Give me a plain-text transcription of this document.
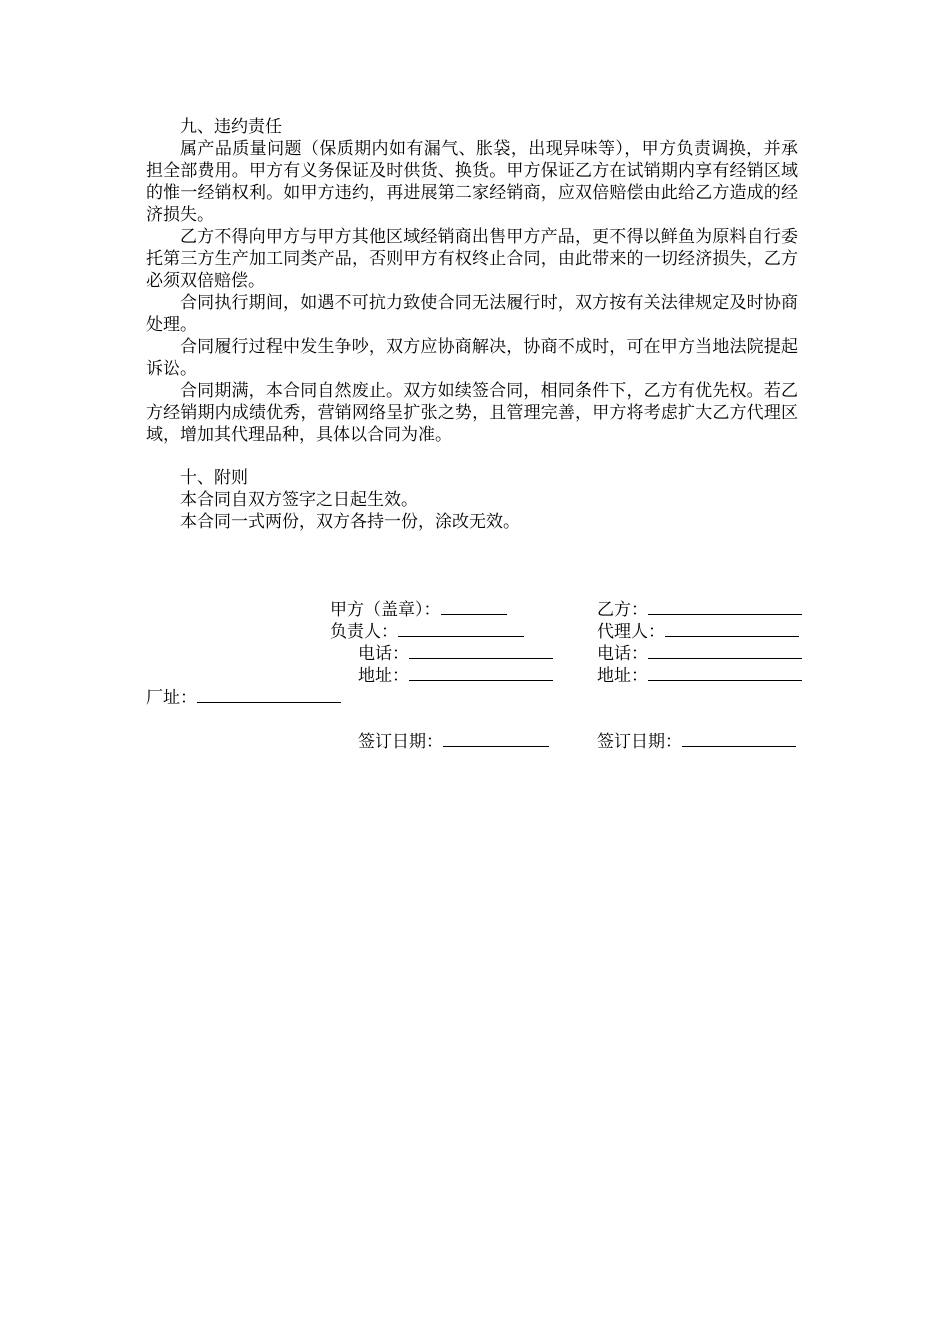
九、违约责任

属产品质量问题（保质期内如有漏气、胀袋，出现异味等），甲方负责调换，并承担全部费用。甲方有义务保证及时供货、换货。甲方保证乙方在试销期内享有经销区域的惟一经销权利。如甲方违约，再进展第二家经销商，应双倍赔偿由此给乙方造成的经济损失。

乙方不得向甲方与甲方其他区域经销商出售甲方产品，更不得以鲜鱼为原料自行委托第三方生产加工同类产品，否则甲方有权终止合同，由此带来的一切经济损失，乙方必须双倍赔偿。

合同执行期间，如遇不可抗力致使合同无法履行时，双方按有关法律规定及时协商处理。

合同履行过程中发生争吵，双方应协商解决，协商不成时，可在甲方当地法院提起诉讼。

合同期满，本合同自然废止。双方如续签合同，相同条件下，乙方有优先权。若乙方经销期内成绩优秀，营销网络呈扩张之势，且管理完善，甲方将考虑扩大乙方代理区域，增加其代理品种，具体以合同为准。

十、附则

本合同自双方签字之日起生效。

本合同一式两份，双方各持一份，涂改无效。

甲方（盖章）：	乙方：
负责人：	代理人：
电话：	电话：
地址：	地址：
厂址：
签订日期：	签订日期：
